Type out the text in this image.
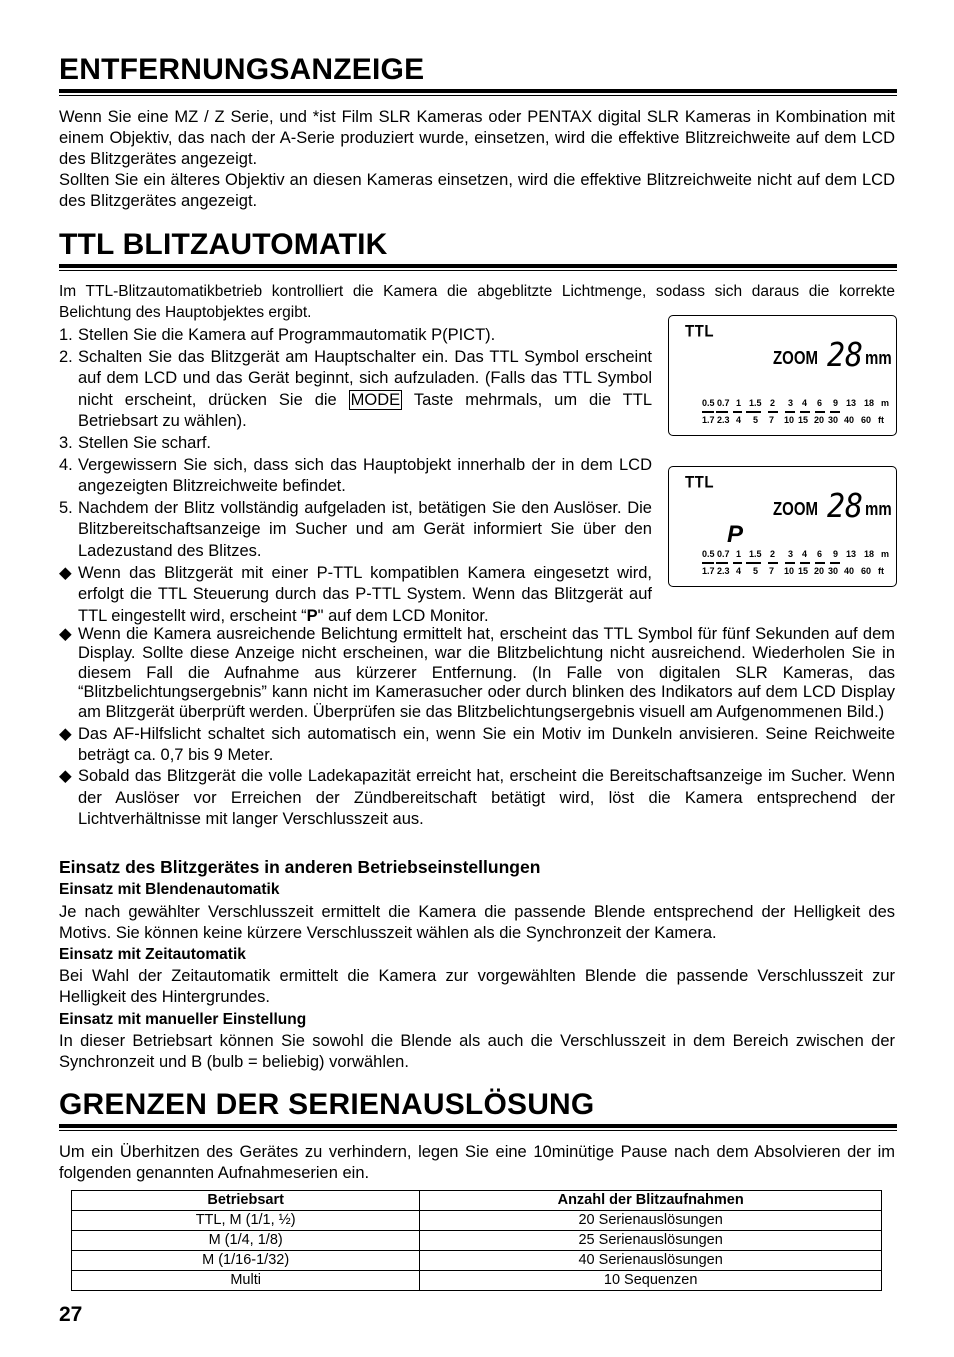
ENTFERNUNGSANZEIGE

Wenn Sie eine MZ / Z Serie, und *ist Film SLR Kameras oder PENTAX digital SLR Kameras in Kombination mit einem Objektiv, das nach der A-Serie produziert wurde, einsetzen, wird die effektive Blitzreichweite auf dem LCD des Blitzgerätes angezeigt.

Sollten Sie ein älteres Objektiv an diesen Kameras einsetzen, wird die effektive Blitzreichweite nicht auf dem LCD des Blitzgerätes angezeigt.

TTL BLITZAUTOMATIK

Im TTL-Blitzautomatikbetrieb kontrolliert die Kamera die abgeblitzte Lichtmenge, sodass sich daraus die korrekte Belichtung des Hauptobjektes ergibt.

1. Stellen Sie die Kamera auf Programmautomatik P(PICT).
2. Schalten Sie das Blitzgerät am Hauptschalter ein. Das TTL Symbol erscheint auf dem LCD und das Gerät beginnt, sich aufzuladen. (Falls das TTL Symbol nicht erscheint, drücken Sie die MODE Taste mehrmals, um die TTL Betriebsart zu wählen).
3. Stellen Sie scharf.
4. Vergewissern Sie sich, dass sich das Hauptobjekt innerhalb der in dem LCD angezeigten Blitzreichweite befindet.
5. Nachdem der Blitz vollständig aufgeladen ist, betätigen Sie den Auslöser. Die Blitzbereitschaftsanzeige im Sucher und am Gerät informiert Sie über den Ladezustand des Blitzes.
◆ Wenn das Blitzgerät mit einer P-TTL kompatiblen Kamera eingesetzt wird, erfolgt die TTL Steuerung durch das P-TTL System. Wenn das Blitzgerät auf TTL eingestellt wird, erscheint “P" auf dem LCD Monitor.
◆ Wenn die Kamera ausreichende Belichtung ermittelt hat, erscheint das TTL Symbol für fünf Sekunden auf dem Display. Sollte diese Anzeige nicht erscheinen, war die Blitzbelichtung nicht ausreichend. Wiederholen Sie in diesem Fall die Aufnahme aus kürzerer Entfernung. (In Falle von digitalen SLR Kameras, das “Blitzbelichtungsergebnis” kann nicht im Kamerasucher oder durch blinken des Indikators auf dem LCD Display am Blitzgerät überprüft werden. Überprüfen sie das Blitzbelichtungsergebnis visuell am Aufgenommenen Bild.)
◆ Das AF-Hilfslicht schaltet sich automatisch ein, wenn Sie ein Motiv im Dunkeln anvisieren. Seine Reichweite beträgt ca. 0,7 bis 9 Meter.
◆ Sobald das Blitzgerät die volle Ladekapazität erreicht hat, erscheint die Bereitschaftsanzeige im Sucher. Wenn der Auslöser vor Erreichen der Zündbereitschaft betätigt wird, löst die Kamera entsprechend der Lichtverhältnisse mit langer Verschlusszeit aus.
TTL
ZOOM 28 mm
0.5 0.7 1 1.5 2 3 4 6 9 13 18 m
1.7 2.3 4 5 7 10 15 20 30 40 60 ft
TTL
ZOOM 28 mm
P
0.5 0.7 1 1.5 2 3 4 6 9 13 18 m
1.7 2.3 4 5 7 10 15 20 30 40 60 ft
Einsatz des Blitzgerätes in anderen Betriebseinstellungen
Einsatz mit Blendenautomatik

Je nach gewählter Verschlusszeit ermittelt die Kamera die passende Blende entsprechend der Helligkeit des Motivs. Sie können keine kürzere Verschlusszeit wählen als die Synchronzeit der Kamera.

Einsatz mit Zeitautomatik

Bei Wahl der Zeitautomatik ermittelt die Kamera zur vorgewählten Blende die passende Verschlusszeit zur Helligkeit des Hintergrundes.

Einsatz mit manueller Einstellung

In dieser Betriebsart können Sie sowohl die Blende als auch die Verschlusszeit in dem Bereich zwischen der Synchronzeit und B (bulb = beliebig) vorwählen.

GRENZEN DER SERIENAUSLÖSUNG

Um ein Überhitzen des Gerätes zu verhindern, legen Sie eine 10minütige Pause nach dem Absolvieren der im folgenden genannten Aufnahmeserien ein.

Betriebsart	Anzahl der Blitzaufnahmen
TTL, M (1/1, ½)	20 Serienauslösungen
M (1/4, 1/8)	25 Serienauslösungen
M (1/16-1/32)	40 Serienauslösungen
Multi	10 Sequenzen
27
